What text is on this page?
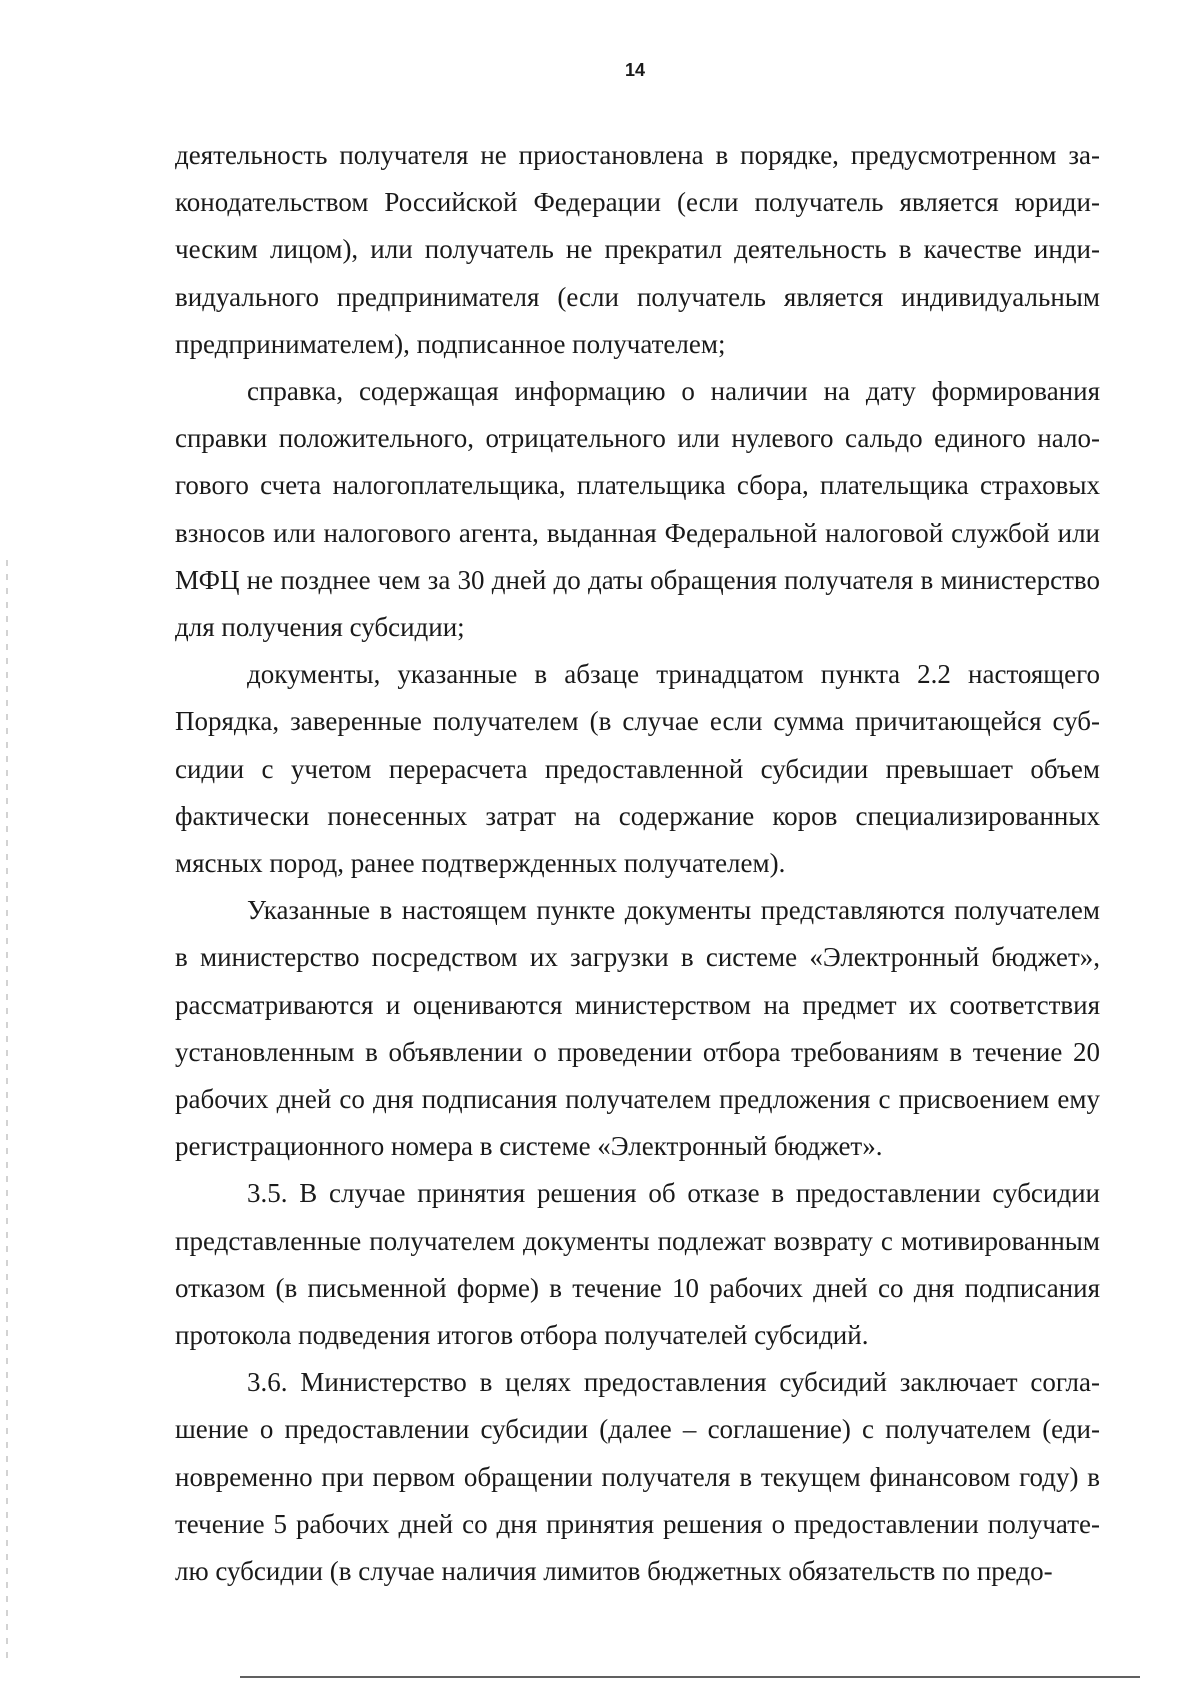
14

деятельность получателя не приостановлена в порядке, предусмотренном законодательством Российской Федерации (если получатель является юридическим лицом), или получатель не прекратил деятельность в качестве индивидуального предпринимателя (если получатель является индивидуальным предпринимателем), подписанное получателем;

справка, содержащая информацию о наличии на дату формирования справки положительного, отрицательного или нулевого сальдо единого налогового счета налогоплательщика, плательщика сбора, плательщика страховых взносов или налогового агента, выданная Федеральной налоговой службой или МФЦ не позднее чем за 30 дней до даты обращения получателя в министерство для получения субсидии;

документы, указанные в абзаце тринадцатом пункта 2.2 настоящего Порядка, заверенные получателем (в случае если сумма причитающейся субсидии с учетом перерасчета предоставленной субсидии превышает объем фактически понесенных затрат на содержание коров специализированных мясных пород, ранее подтвержденных получателем).

Указанные в настоящем пункте документы представляются получателем в министерство посредством их загрузки в системе «Электронный бюджет», рассматриваются и оцениваются министерством на предмет их соответствия установленным в объявлении о проведении отбора требованиям в течение 20 рабочих дней со дня подписания получателем предложения с присвоением ему регистрационного номера в системе «Электронный бюджет».

3.5. В случае принятия решения об отказе в предоставлении субсидии представленные получателем документы подлежат возврату с мотивированным отказом (в письменной форме) в течение 10 рабочих дней со дня подписания протокола подведения итогов отбора получателей субсидий.

3.6. Министерство в целях предоставления субсидий заключает соглашение о предоставлении субсидии (далее – соглашение) с получателем (единовременно при первом обращении получателя в текущем финансовом году) в течение 5 рабочих дней со дня принятия решения о предоставлении получателю субсидии (в случае наличия лимитов бюджетных обязательств по предо-
